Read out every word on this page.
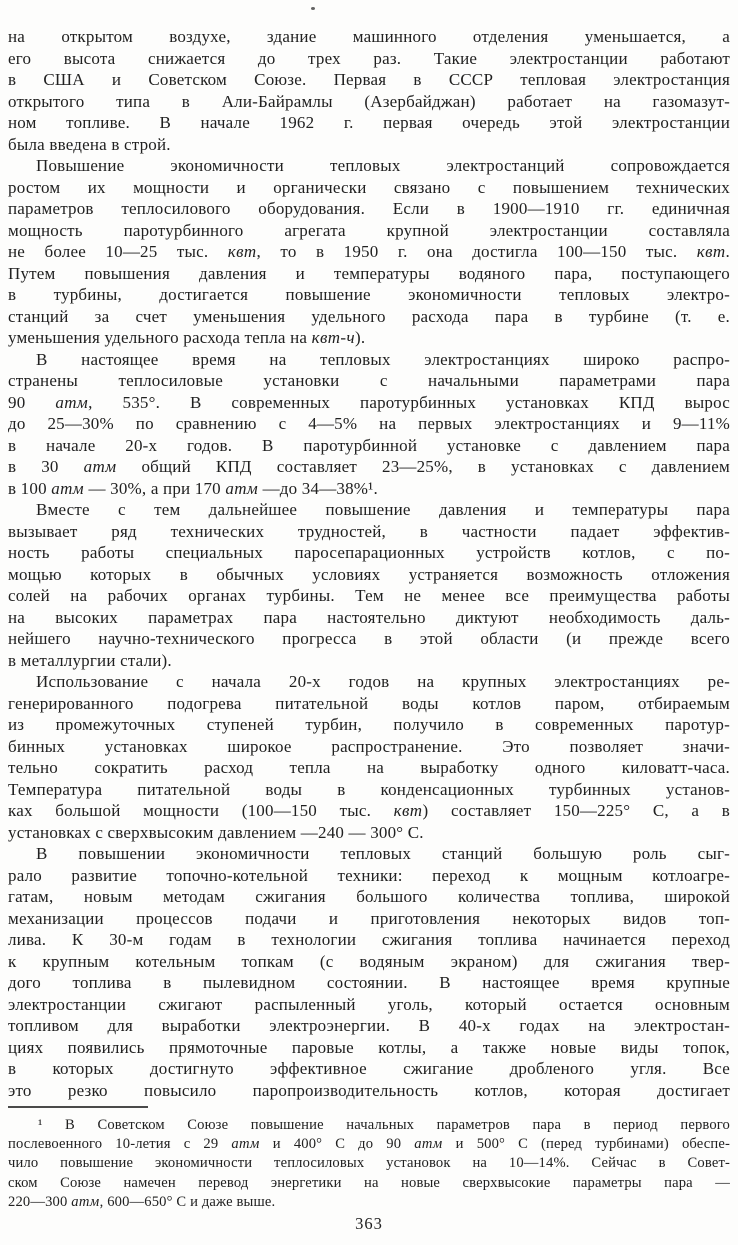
на открытом воздухе, здание машинного отделения уменьшается, а
его высота снижается до трех раз. Такие электростанции работают
в США и Советском Союзе. Первая в СССР тепловая электростанция
открытого типа в Али-Байрамлы (Азербайджан) работает на газомазут-
ном топливе. В начале 1962 г. первая очередь этой электростанции
была введена в строй.
Повышение экономичности тепловых электростанций сопровождается
ростом их мощности и органически связано с повышением технических
параметров теплосилового оборудования. Если в 1900—1910 гг. единичная
мощность паротурбинного агрегата крупной электростанции составляла
не более 10—25 тыс. квт, то в 1950 г. она достигла 100—150 тыс. квт.
Путем повышения давления и температуры водяного пара, поступающего
в турбины, достигается повышение экономичности тепловых электро-
станций за счет уменьшения удельного расхода пара в турбине (т. е.
уменьшения удельного расхода тепла на квт-ч).
В настоящее время на тепловых электростанциях широко распро-
странены теплосиловые установки с начальными параметрами пара
90 атм, 535°. В современных паротурбинных установках КПД вырос
до 25—30% по сравнению с 4—5% на первых электростанциях и 9—11%
в начале 20-х годов. В паротурбинной установке с давлением пара
в 30 атм общий КПД составляет 23—25%, в установках с давлением
в 100 атм — 30%, а при 170 атм —до 34—38%¹.
Вместе с тем дальнейшее повышение давления и температуры пара
вызывает ряд технических трудностей, в частности падает эффектив-
ность работы специальных паросепарационных устройств котлов, с по-
мощью которых в обычных условиях устраняется возможность отложения
солей на рабочих органах турбины. Тем не менее все преимущества работы
на высоких параметрах пара настоятельно диктуют необходимость даль-
нейшего научно-технического прогресса в этой области (и прежде всего
в металлургии стали).
Использование с начала 20-х годов на крупных электростанциях ре-
генерированного подогрева питательной воды котлов паром, отбираемым
из промежуточных ступеней турбин, получило в современных паротур-
бинных установках широкое распространение. Это позволяет значи-
тельно сократить расход тепла на выработку одного киловатт-часа.
Температура питательной воды в конденсационных турбинных установ-
ках большой мощности (100—150 тыс. квт) составляет 150—225° С, а в
установках с сверхвысоким давлением —240 — 300° С.
В повышении экономичности тепловых станций большую роль сыг-
рало развитие топочно-котельной техники: переход к мощным котлоагре-
гатам, новым методам сжигания большого количества топлива, широкой
механизации процессов подачи и приготовления некоторых видов топ-
лива. К 30-м годам в технологии сжигания топлива начинается переход
к крупным котельным топкам (с водяным экраном) для сжигания твер-
дого топлива в пылевидном состоянии. В настоящее время крупные
электростанции сжигают распыленный уголь, который остается основным
топливом для выработки электроэнергии. В 40-х годах на электростан-
циях появились прямоточные паровые котлы, а также новые виды топок,
в которых достигнуто эффективное сжигание дробленого угля. Все
это резко повысило паропроизводительность котлов, которая достигает
¹ В Советском Союзе повышение начальных параметров пара в период первого
послевоенного 10-летия с 29 атм и 400° С до 90 атм и 500° С (перед турбинами) обеспе-
чило повышение экономичности теплосиловых установок на 10—14%. Сейчас в Совет-
ском Союзе намечен перевод энергетики на новые сверхвысокие параметры пара —
220—300 атм, 600—650° С и даже выше.
363
